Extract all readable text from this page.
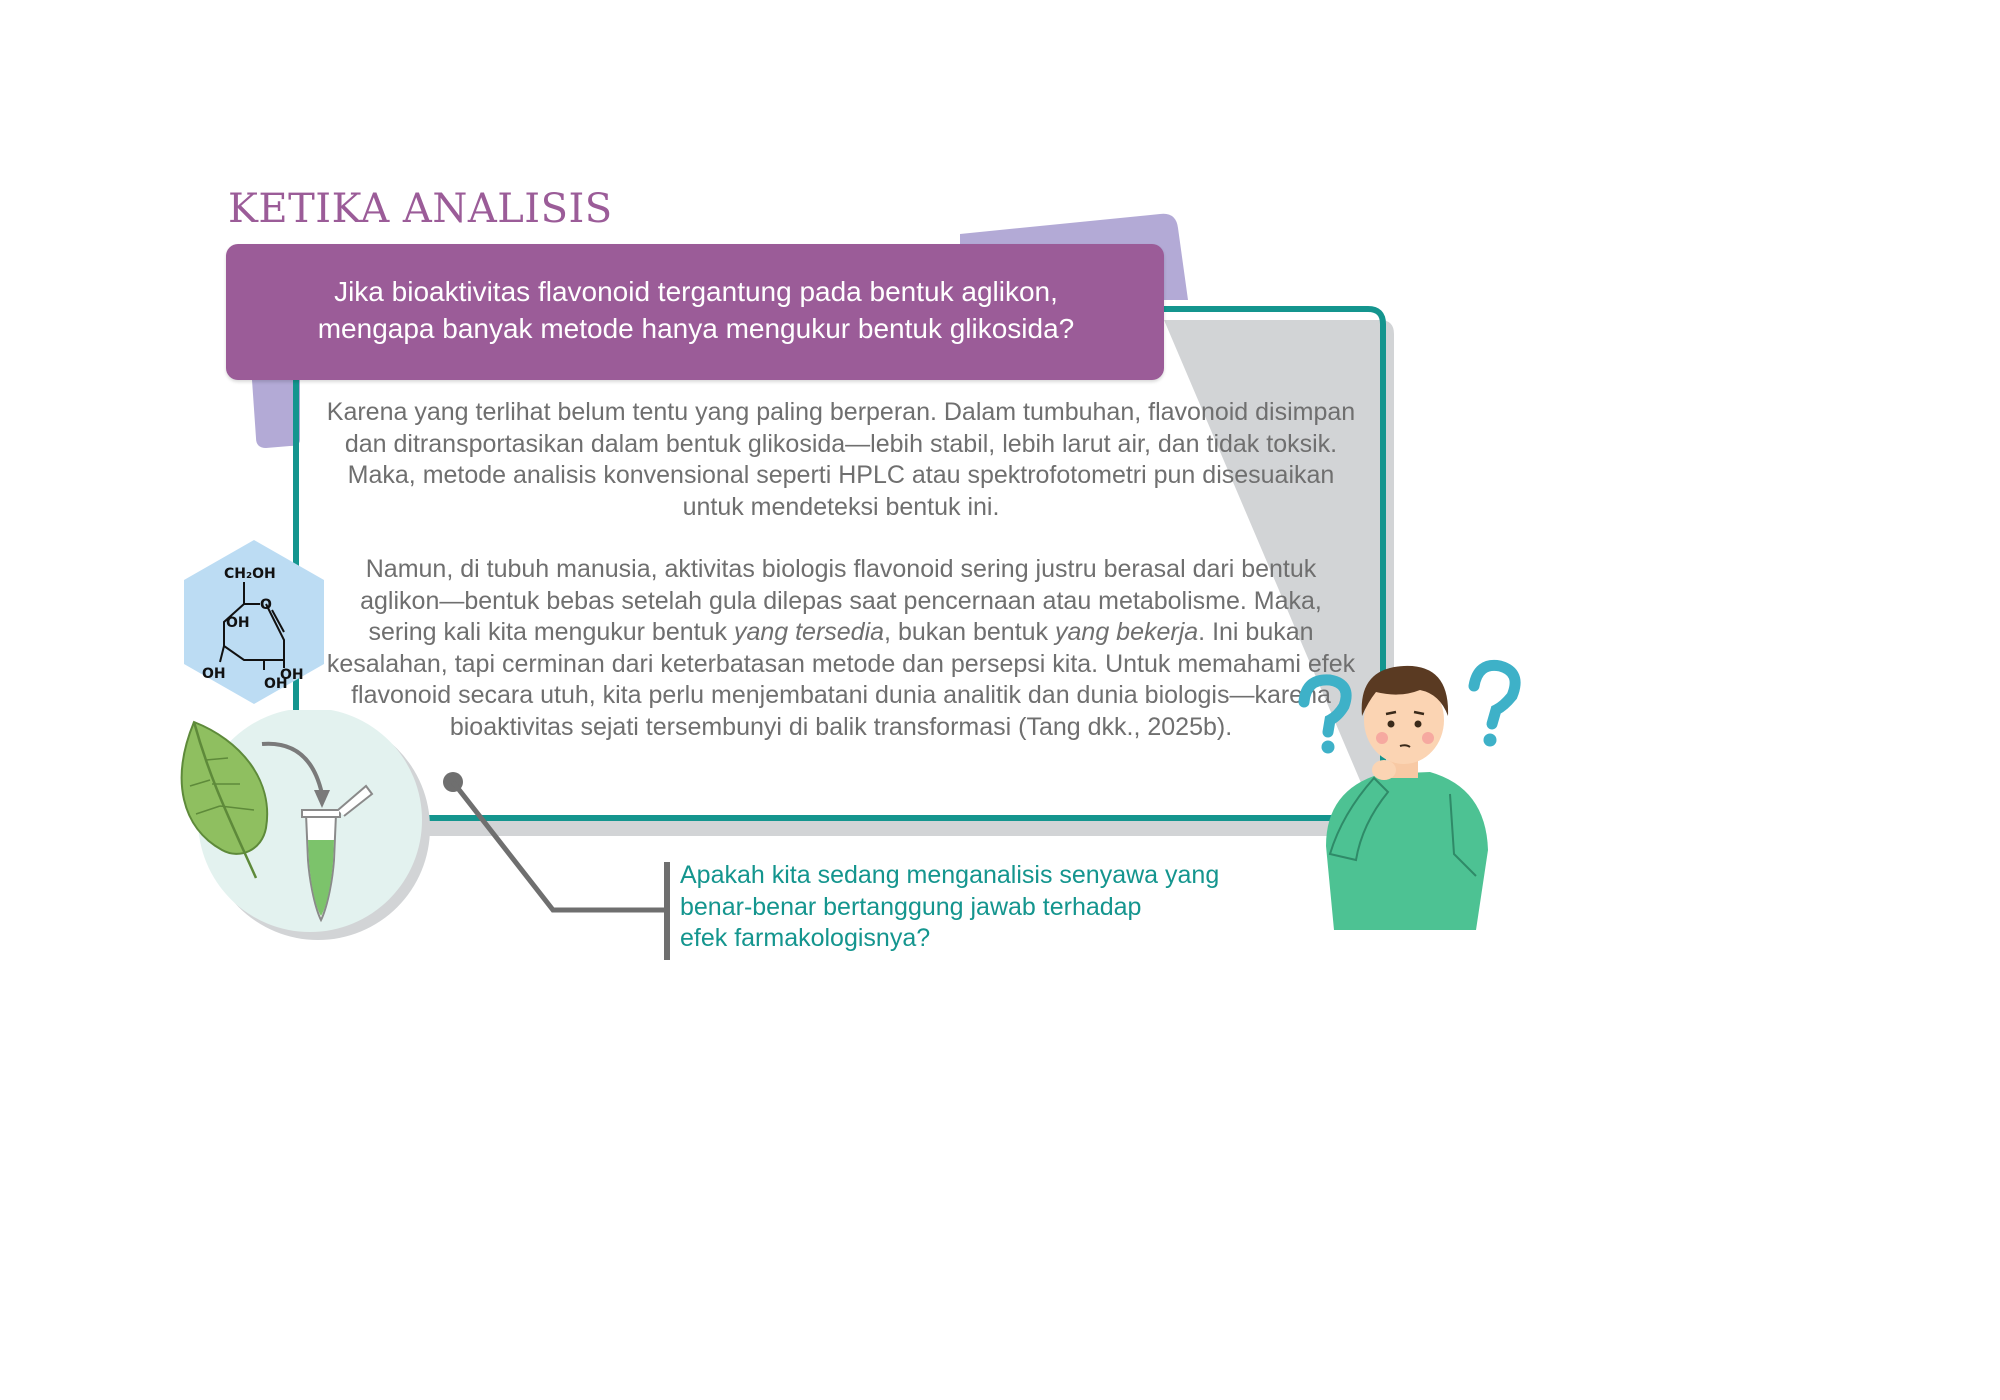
KETIKA ANALISIS
Jika bioaktivitas flavonoid tergantung pada bentuk aglikon,
mengapa banyak metode hanya mengukur bentuk glikosida?

Karena yang terlihat belum tentu yang paling berperan. Dalam tumbuhan, flavonoid disimpan dan ditransportasikan dalam bentuk glikosida—lebih stabil, lebih larut air, dan tidak toksik. Maka, metode analisis konvensional seperti HPLC atau spektrofotometri pun disesuaikan untuk mendeteksi bentuk ini.

Namun, di tubuh manusia, aktivitas biologis flavonoid sering justru berasal dari bentuk aglikon—bentuk bebas setelah gula dilepas saat pencernaan atau metabolisme. Maka, sering kali kita mengukur bentuk yang tersedia, bukan bentuk yang bekerja. Ini bukan kesalahan, tapi cerminan dari keterbatasan metode dan persepsi kita. Untuk memahami efek flavonoid secara utuh, kita perlu menjembatani dunia analitik dan dunia biologis—karena bioaktivitas sejati tersembunyi di balik transformasi (Tang dkk., 2025b).

CH₂OH
O
OH
OH
OH
OH
Apakah kita sedang menganalisis senyawa yang
benar-benar bertanggung jawab terhadap
efek farmakologisnya?
